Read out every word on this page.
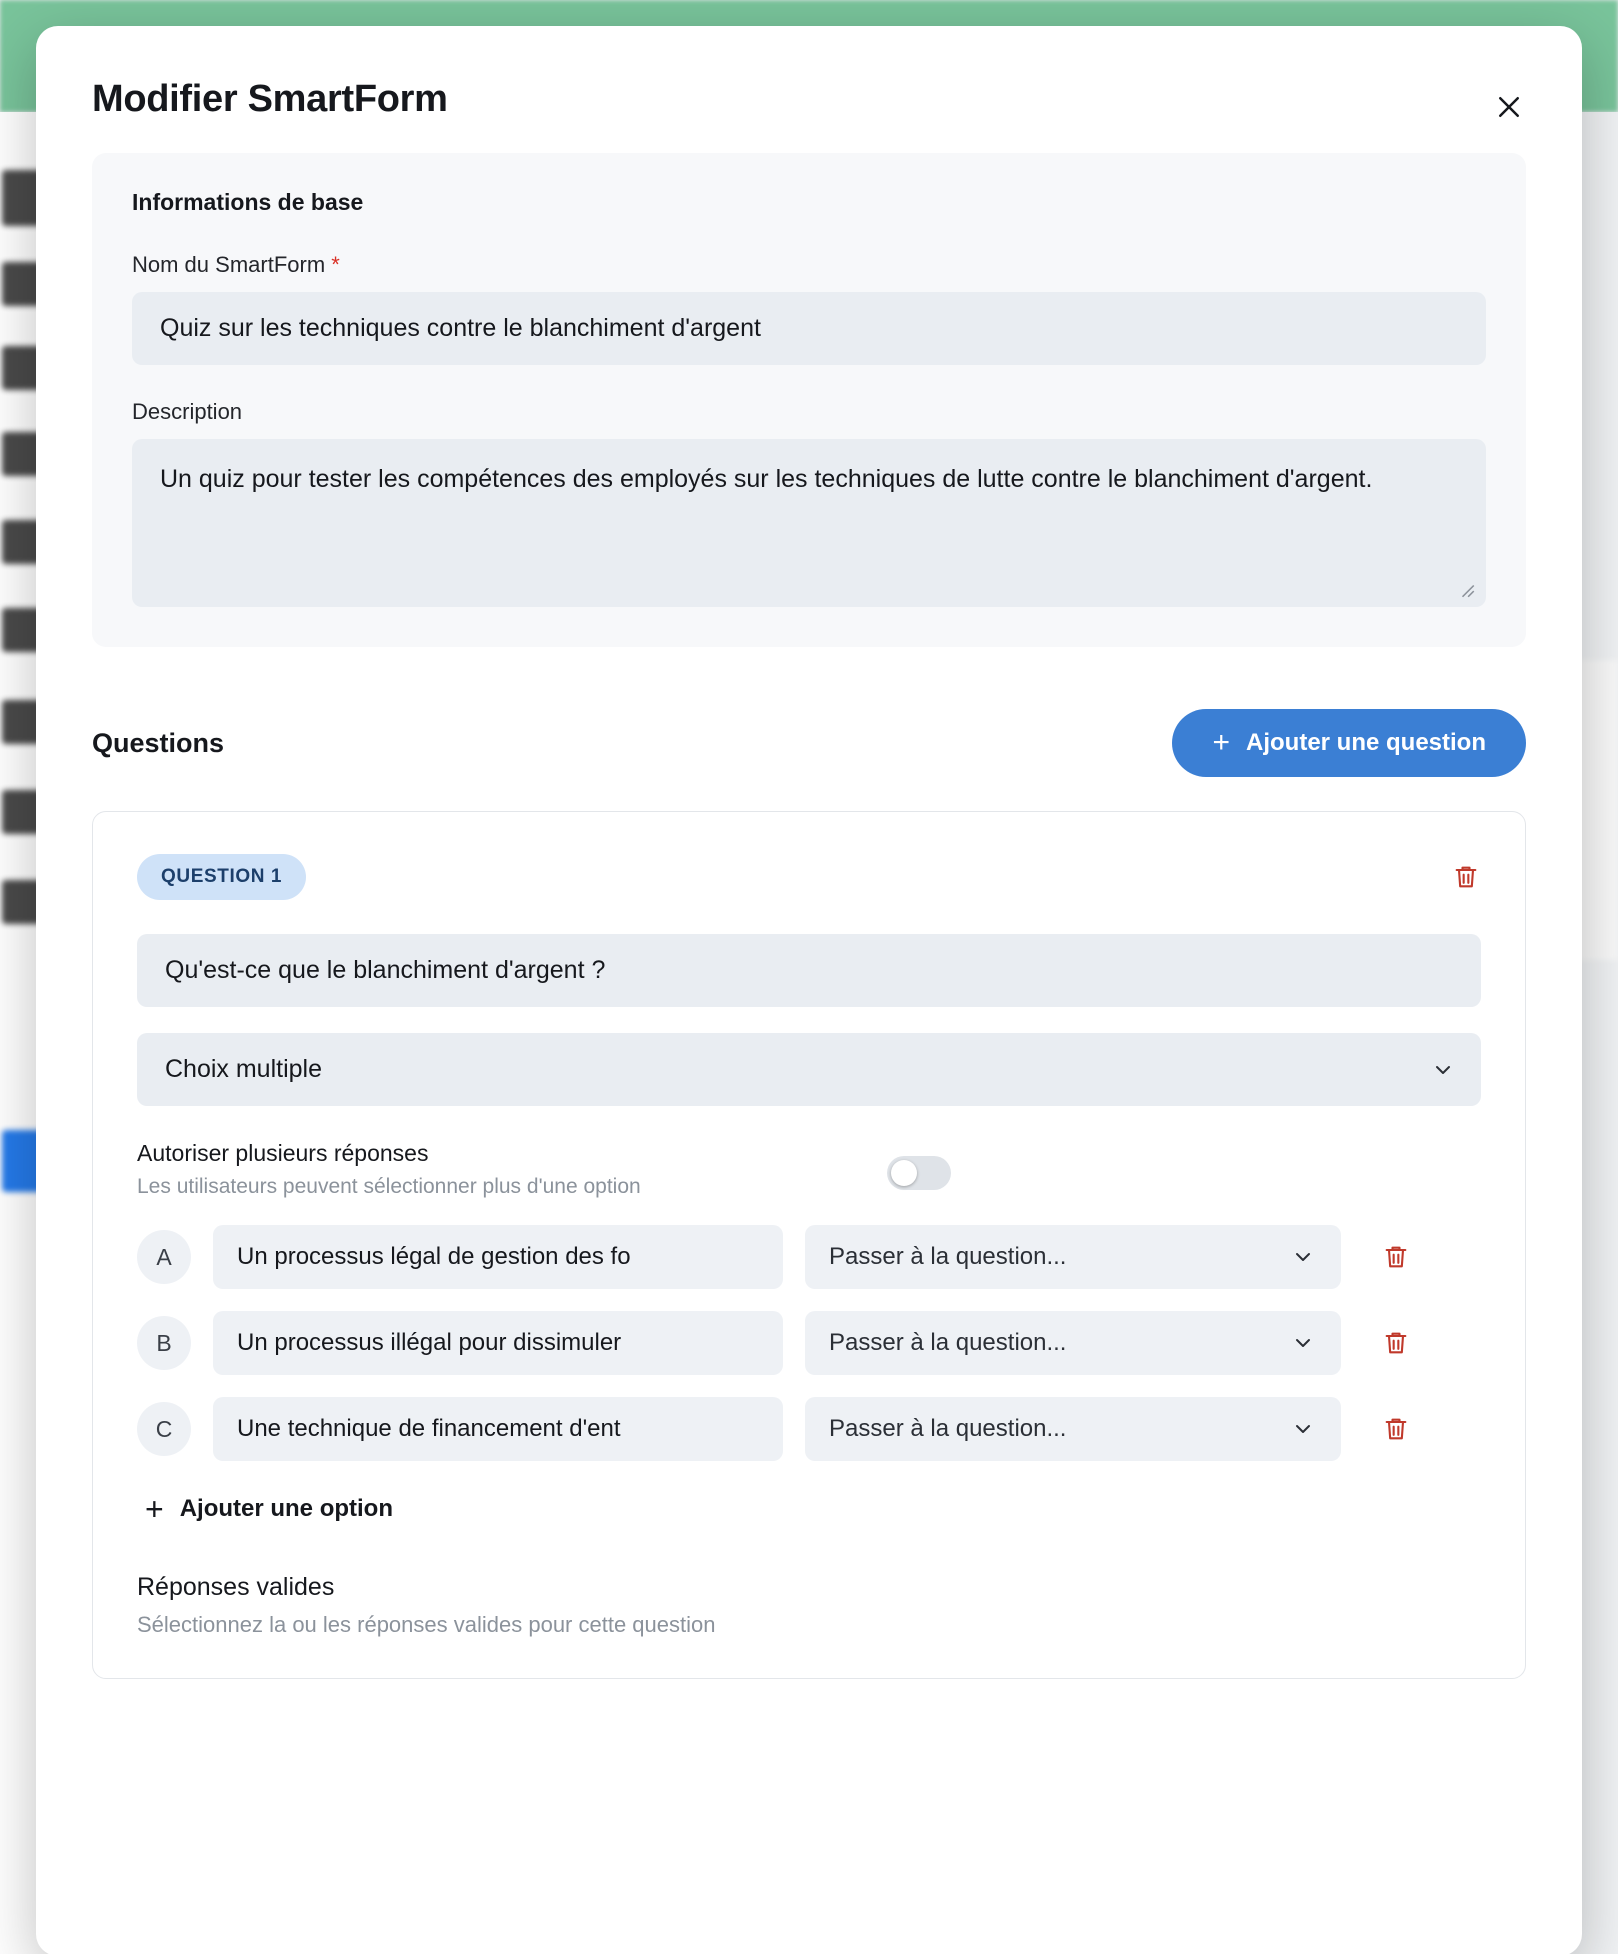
Modifier SmartForm
Informations de base
Nom du SmartForm *
Quiz sur les techniques contre le blanchiment d'argent
Description
Un quiz pour tester les compétences des employés sur les techniques de lutte contre le blanchiment d'argent.
Questions	+ Ajouter une question
QUESTION 1
Qu'est-ce que le blanchiment d'argent ?
Choix multiple
Autoriser plusieurs réponses
Les utilisateurs peuvent sélectionner plus d'une option
A
Un processus légal de gestion des fo	Passer à la question...
B
Un processus illégal pour dissimuler	Passer à la question...
C
Une technique de financement d'ent	Passer à la question...
+ Ajouter une option
Réponses valides
Sélectionnez la ou les réponses valides pour cette question
